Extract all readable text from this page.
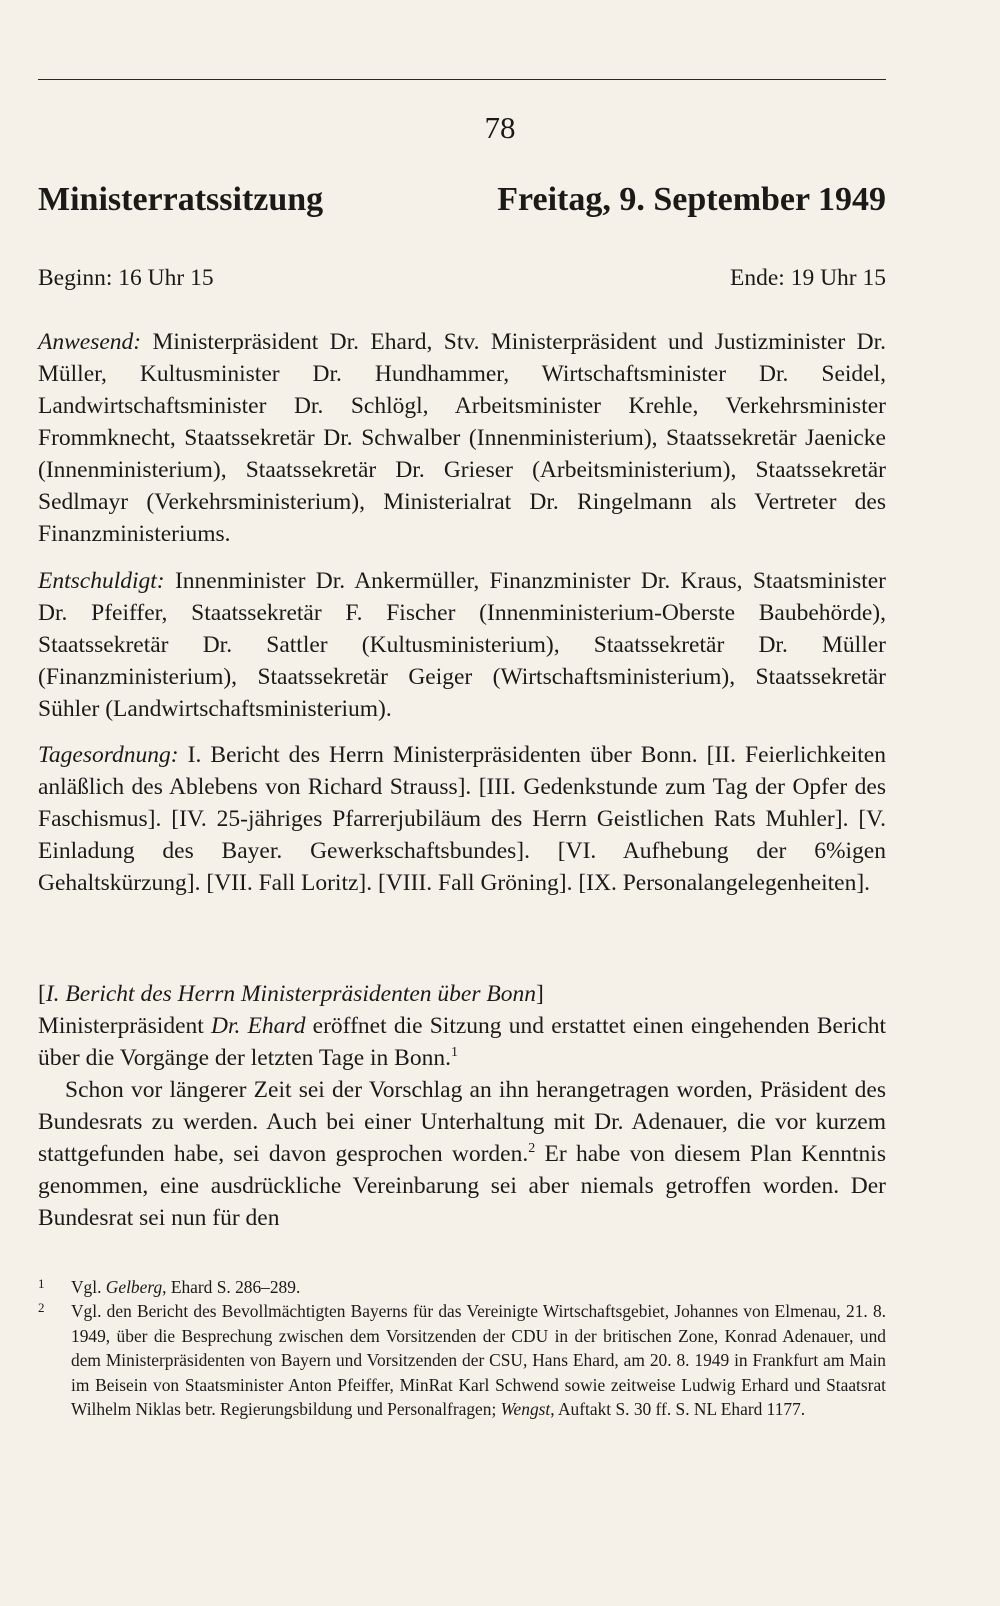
78
Ministerratssitzung	Freitag, 9. September 1949
Beginn: 16 Uhr 15	Ende: 19 Uhr 15

Anwesend: Ministerpräsident Dr. Ehard, Stv. Ministerpräsident und Justizminister Dr. Müller, Kultusminister Dr. Hundhammer, Wirtschaftsminister Dr. Seidel, Landwirtschaftsminister Dr. Schlögl, Arbeitsminister Krehle, Verkehrsminister Frommknecht, Staatssekretär Dr. Schwalber (Innenministerium), Staatssekretär Jaenicke (Innenministerium), Staatssekretär Dr. Grieser (Arbeitsministerium), Staatssekretär Sedlmayr (Verkehrsministerium), Ministerialrat Dr. Ringelmann als Vertreter des Finanzministeriums.

Entschuldigt: Innenminister Dr. Ankermüller, Finanzminister Dr. Kraus, Staatsminister Dr. Pfeiffer, Staatssekretär F. Fischer (Innenministerium-Oberste Baubehörde), Staatssekretär Dr. Sattler (Kultusministerium), Staatssekretär Dr. Müller (Finanzministerium), Staatssekretär Geiger (Wirtschaftsministerium), Staatssekretär Sühler (Landwirtschaftsministerium).

Tagesordnung: I. Bericht des Herrn Ministerpräsidenten über Bonn. [II. Feierlichkeiten anläßlich des Ablebens von Richard Strauss]. [III. Gedenkstunde zum Tag der Opfer des Faschismus]. [IV. 25-jähriges Pfarrerjubiläum des Herrn Geistlichen Rats Muhler]. [V. Einladung des Bayer. Gewerkschaftsbundes]. [VI. Aufhebung der 6%igen Gehaltskürzung]. [VII. Fall Loritz]. [VIII. Fall Gröning]. [IX. Personalangelegenheiten].

[I. Bericht des Herrn Ministerpräsidenten über Bonn]

Ministerpräsident Dr. Ehard eröffnet die Sitzung und erstattet einen eingehenden Bericht über die Vorgänge der letzten Tage in Bonn.$^1$

Schon vor längerer Zeit sei der Vorschlag an ihn herangetragen worden, Präsident des Bundesrats zu werden. Auch bei einer Unterhaltung mit Dr. Adenauer, die vor kurzem stattgefunden habe, sei davon gesprochen worden.$^2$ Er habe von diesem Plan Kenntnis genommen, eine ausdrückliche Vereinbarung sei aber niemals getroffen worden. Der Bundesrat sei nun für den

1 Vgl. Gelberg, Ehard S. 286–289.
2 Vgl. den Bericht des Bevollmächtigten Bayerns für das Vereinigte Wirtschaftsgebiet, Johannes von Elmenau, 21. 8. 1949, über die Besprechung zwischen dem Vorsitzenden der CDU in der britischen Zone, Konrad Adenauer, und dem Ministerpräsidenten von Bayern und Vorsitzenden der CSU, Hans Ehard, am 20. 8. 1949 in Frankfurt am Main im Beisein von Staatsminister Anton Pfeiffer, MinRat Karl Schwend sowie zeitweise Ludwig Erhard und Staatsrat Wilhelm Niklas betr. Regierungsbildung und Personalfragen; Wengst, Auftakt S. 30 ff. S. NL Ehard 1177.
